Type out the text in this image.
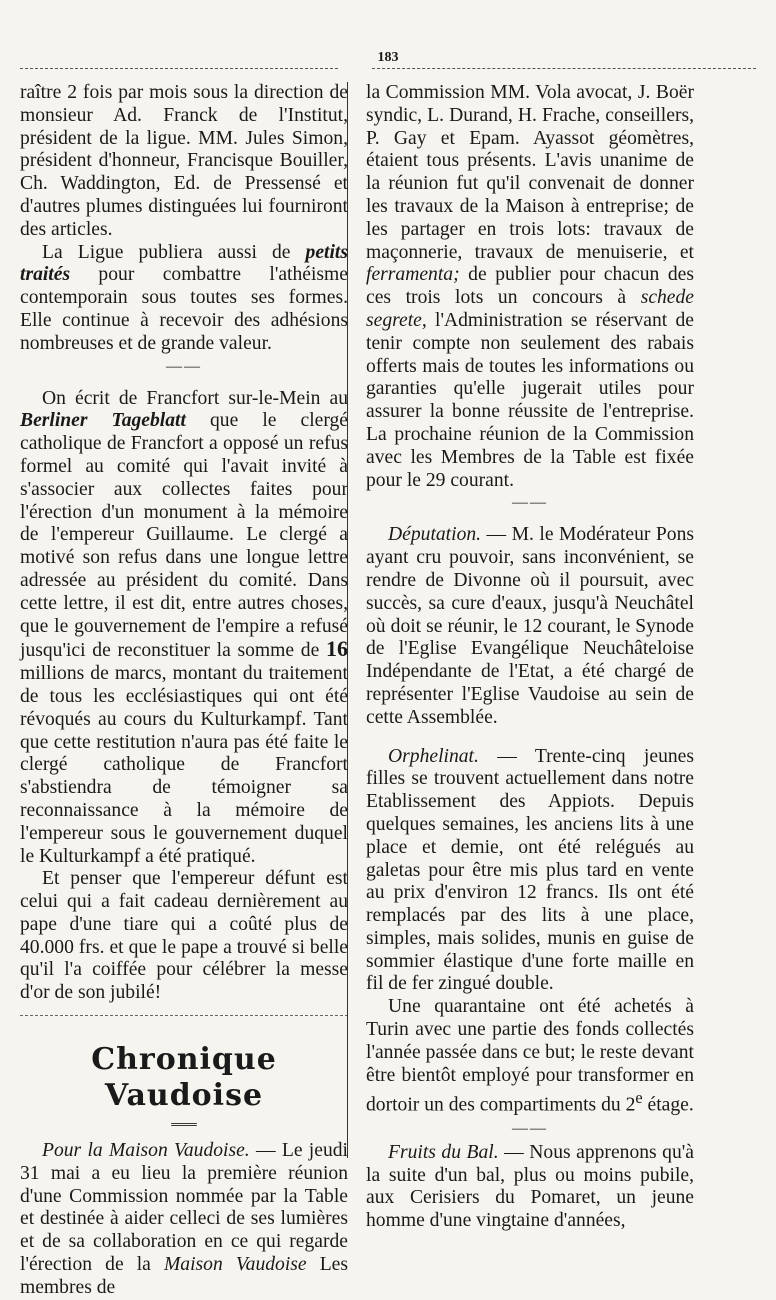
183

raître 2 fois par mois sous la direction de monsieur Ad. Franck de l'Institut, président de la ligue. MM. Jules Simon, président d'honneur, Francisque Bouiller, Ch. Waddington, Ed. de Pressensé et d'autres plumes distinguées lui fourniront des articles.

La Ligue publiera aussi de petits traités pour combattre l'athéisme contemporain sous toutes ses formes. Elle continue à recevoir des adhésions nombreuses et de grande valeur.

——

On écrit de Francfort sur-le-Mein au Berliner Tageblatt que le clergé catholique de Francfort a opposé un refus formel au comité qui l'avait invité à s'associer aux collectes faites pour l'érection d'un monument à la mémoire de l'empereur Guillaume. Le clergé a motivé son refus dans une longue lettre adressée au président du comité. Dans cette lettre, il est dit, entre autres choses, que le gouvernement de l'empire a refusé jusqu'ici de reconstituer la somme de 16 millions de marcs, montant du traitement de tous les ecclésiastiques qui ont été révoqués au cours du Kulturkampf. Tant que cette restitution n'aura pas été faite le clergé catholique de Francfort s'abstiendra de témoigner sa reconnaissance à la mémoire de l'empereur sous le gouvernement duquel le Kulturkampf a été pratiqué.

Et penser que l'empereur défunt est celui qui a fait cadeau dernièrement au pape d'une tiare qui a coûté plus de 40.000 frs. et que le pape a trouvé si belle qu'il l'a coiffée pour célébrer la messe d'or de son jubilé!

Chronique Vaudoise
═══

Pour la Maison Vaudoise. — Le jeudi 31 mai a eu lieu la première réunion d'une Commission nommée par la Table et destinée à aider celleci de ses lumières et de sa collaboration en ce qui regarde l'érection de la Maison Vaudoise Les membres de

la Commission MM. Vola avocat, J. Boër syndic, L. Durand, H. Frache, conseillers, P. Gay et Epam. Ayassot géomètres, étaient tous présents. L'avis unanime de la réunion fut qu'il convenait de donner les travaux de la Maison à entreprise; de les partager en trois lots: travaux de maçonnerie, travaux de menuiserie, et ferramenta; de publier pour chacun des ces trois lots un concours à schede segrete, l'Administration se réservant de tenir compte non seulement des rabais offerts mais de toutes les informations ou garanties qu'elle jugerait utiles pour assurer la bonne réussite de l'entreprise. La prochaine réunion de la Commission avec les Membres de la Table est fixée pour le 29 courant.

——

Députation. — M. le Modérateur Pons ayant cru pouvoir, sans inconvénient, se rendre de Divonne où il poursuit, avec succès, sa cure d'eaux, jusqu'à Neuchâtel où doit se réunir, le 12 courant, le Synode de l'Eglise Evangélique Neuchâteloise Indépendante de l'Etat, a été chargé de représenter l'Eglise Vaudoise au sein de cette Assemblée.

Orphelinat. — Trente-cinq jeunes filles se trouvent actuellement dans notre Etablissement des Appiots. Depuis quelques semaines, les anciens lits à une place et demie, ont été relégués au galetas pour être mis plus tard en vente au prix d'environ 12 francs. Ils ont été remplacés par des lits à une place, simples, mais solides, munis en guise de sommier élastique d'une forte maille en fil de fer zingué double.

Une quarantaine ont été achetés à Turin avec une partie des fonds collectés l'année passée dans ce but; le reste devant être bientôt employé pour transformer en dortoir un des compartiments du 2e étage.

——

Fruits du Bal. — Nous apprenons qu'à la suite d'un bal, plus ou moins pubile, aux Cerisiers du Pomaret, un jeune homme d'une vingtaine d'années,
